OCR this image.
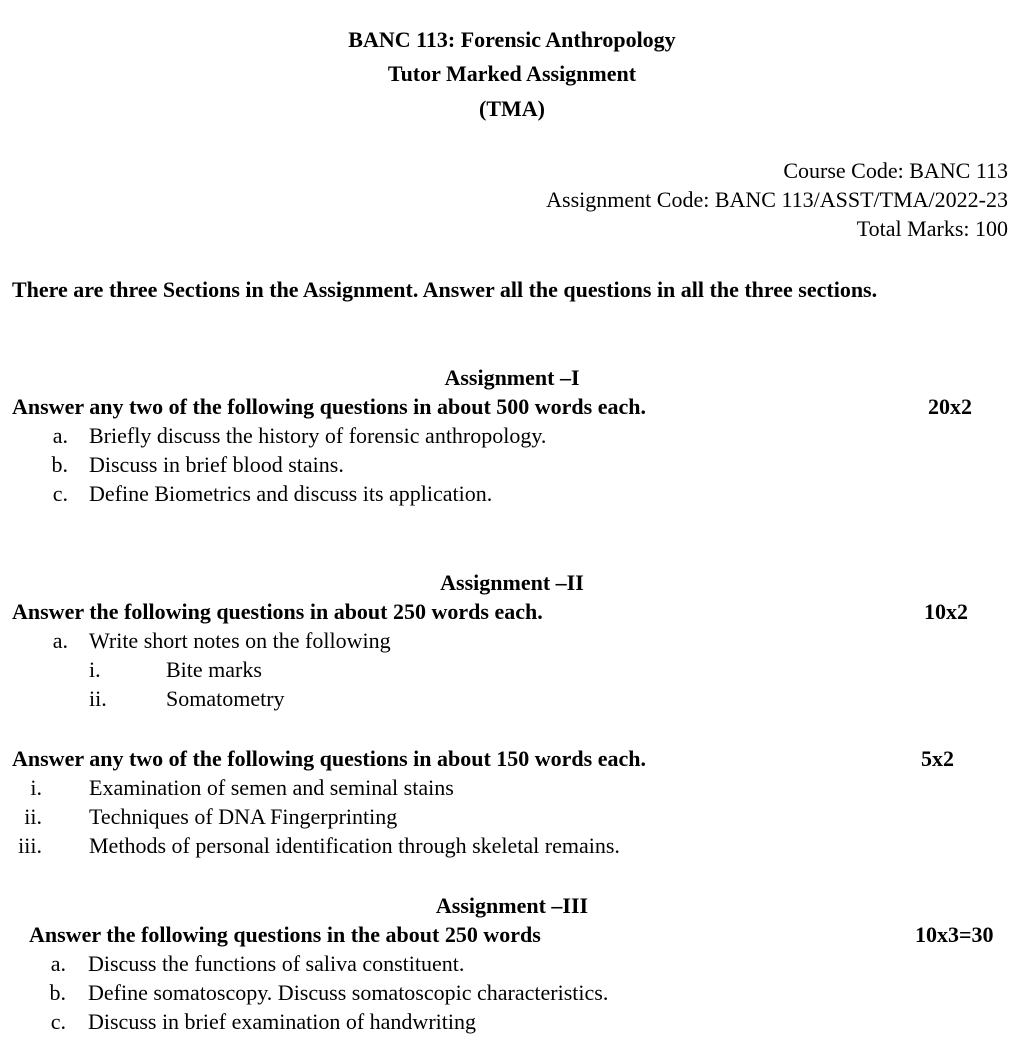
BANC 113: Forensic Anthropology
Tutor Marked Assignment
(TMA)
Course Code: BANC 113
Assignment Code: BANC 113/ASST/TMA/2022-23
Total Marks: 100
There are three Sections in the Assignment. Answer all the questions in all the three sections.
Assignment –I
Answer any two of the following questions in about 500 words each.	20x2
a. Briefly discuss the history of forensic anthropology.
b. Discuss in brief blood stains.
c. Define Biometrics and discuss its application.
Assignment –II
Answer the following questions in about 250 words each.	10x2
a. Write short notes on the following
i.	Bite marks
ii.	Somatometry
Answer any two of the following questions in about 150 words each.	5x2
i. Examination of semen and seminal stains
ii. Techniques of DNA Fingerprinting
iii. Methods of personal identification through skeletal remains.
Assignment –III
Answer the following questions in the about 250 words	10x3=30
a. Discuss the functions of saliva constituent.
b. Define somatoscopy. Discuss somatoscopic characteristics.
c. Discuss in brief examination of handwriting
